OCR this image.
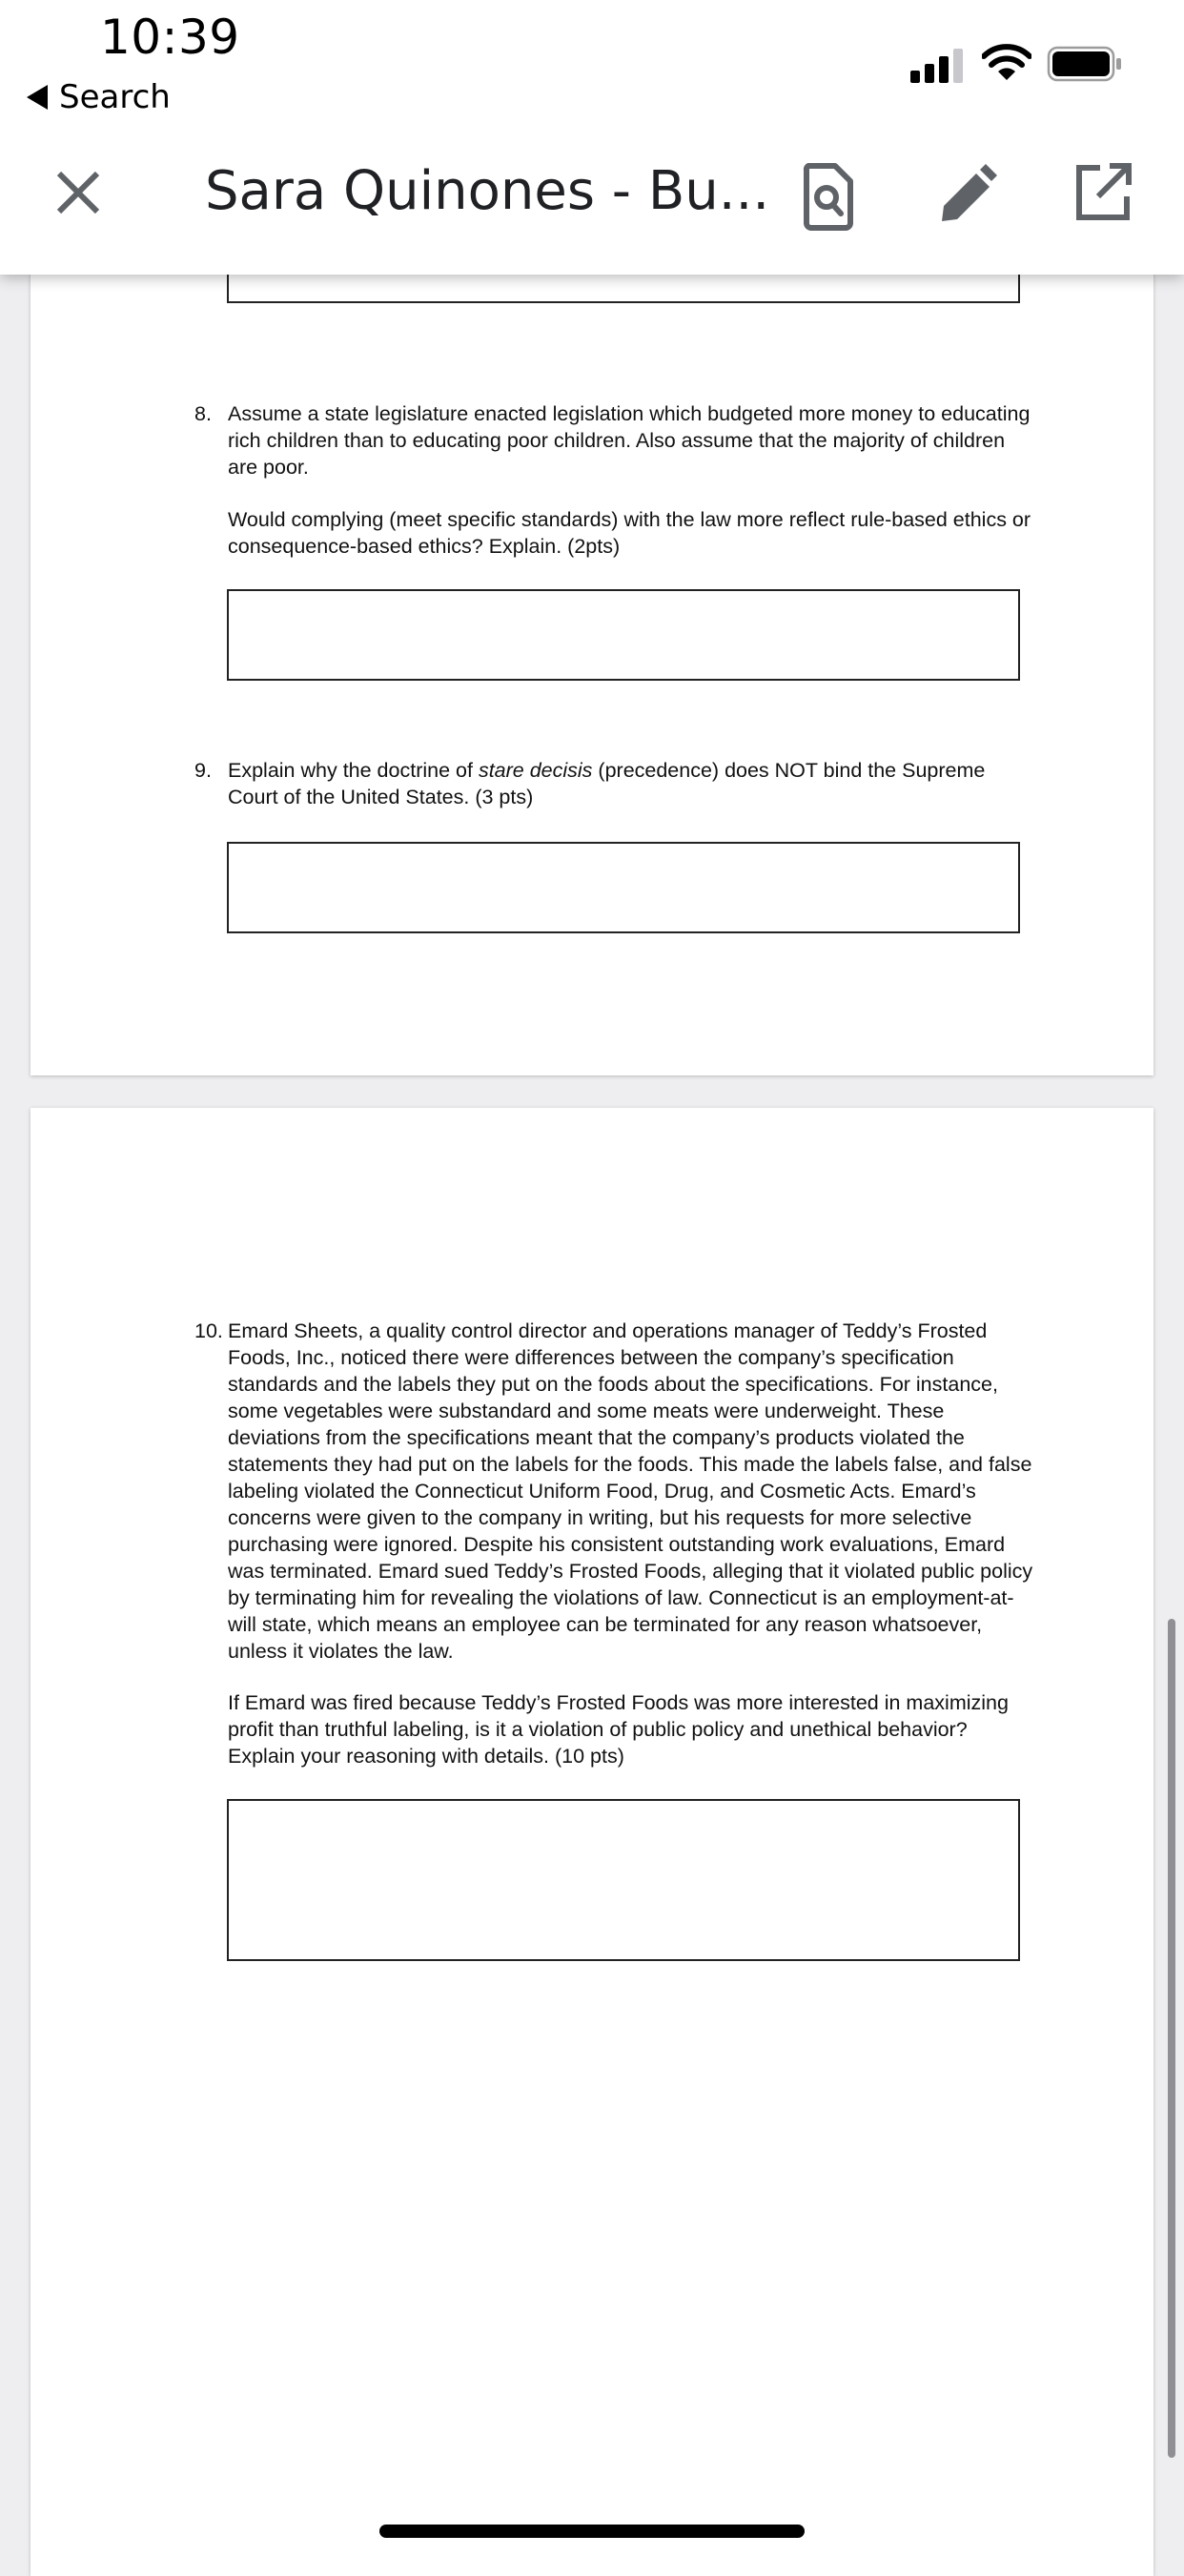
10:39
Search
Sara Quinones - Bu...
8. Assume a state legislature enacted legislation which budgeted more money to educating rich children than to educating poor children. Also assume that the majority of children are poor.
Would complying (meet specific standards) with the law more reflect rule-based ethics or consequence-based ethics? Explain. (2pts)
9. Explain why the doctrine of stare decisis (precedence) does NOT bind the Supreme Court of the United States. (3 pts)
10. Emard Sheets, a quality control director and operations manager of Teddy’s Frosted Foods, Inc., noticed there were differences between the company’s specification standards and the labels they put on the foods about the specifications. For instance, some vegetables were substandard and some meats were underweight. These deviations from the specifications meant that the company’s products violated the statements they had put on the labels for the foods. This made the labels false, and false labeling violated the Connecticut Uniform Food, Drug, and Cosmetic Acts. Emard’s concerns were given to the company in writing, but his requests for more selective purchasing were ignored. Despite his consistent outstanding work evaluations, Emard was terminated. Emard sued Teddy’s Frosted Foods, alleging that it violated public policy by terminating him for revealing the violations of law. Connecticut is an employment-at-will state, which means an employee can be terminated for any reason whatsoever, unless it violates the law.
If Emard was fired because Teddy’s Frosted Foods was more interested in maximizing profit than truthful labeling, is it a violation of public policy and unethical behavior? Explain your reasoning with details. (10 pts)
